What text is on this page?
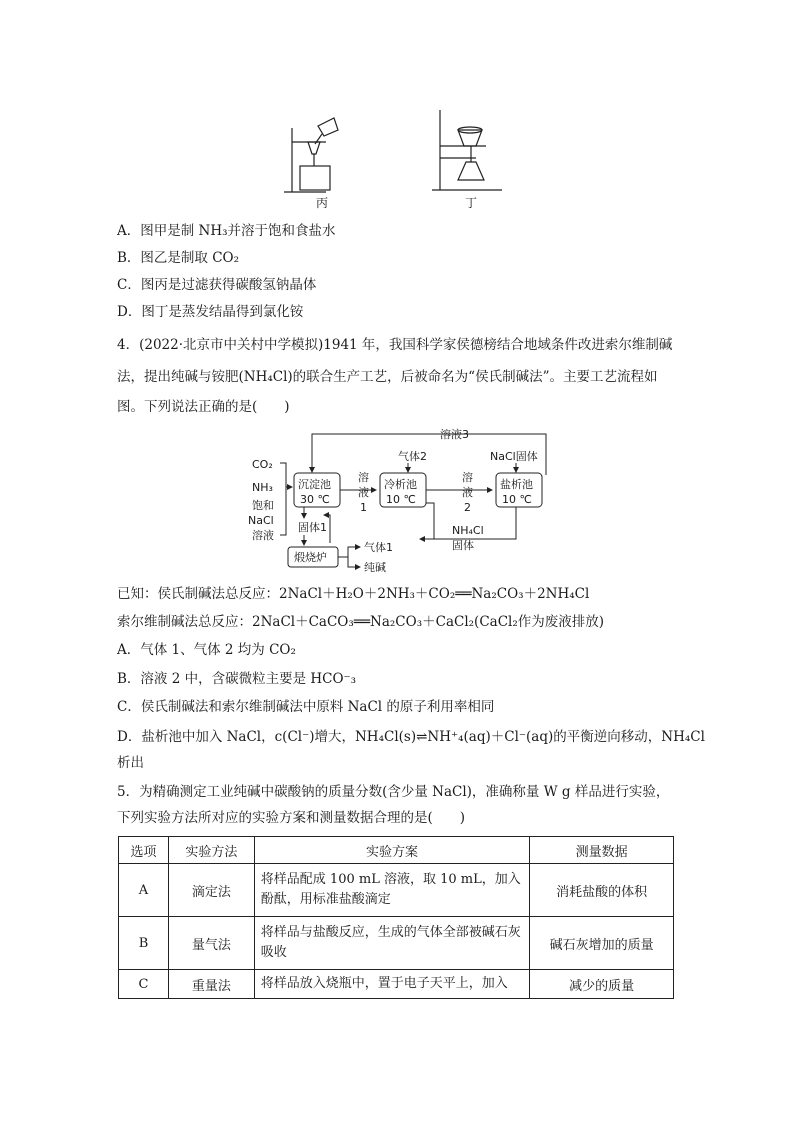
丙	丁
A．图甲是制 NH₃并溶于饱和食盐水
B．图乙是制取 CO₂
C．图丙是过滤获得碳酸氢钠晶体
D．图丁是蒸发结晶得到氯化铵
4．(2022·北京市中关村中学模拟)1941 年，我国科学家侯德榜结合地域条件改进索尔维制碱
法，提出纯碱与铵肥(NH₄Cl)的联合生产工艺，后被命名为“侯氏制碱法”。主要工艺流程如
图。下列说法正确的是(　　)
溶液3
CO₂
NH₃
饱和
NaCl
溶液
沉淀池
30 ℃
溶
液
1
气体2
冷析池
10 ℃
溶
液
2
NaCl固体
盐析池
10 ℃
NH₄Cl
固体
固体1
煅烧炉
气体1
纯碱
已知：侯氏制碱法总反应：2NaCl＋H₂O＋2NH₃＋CO₂══Na₂CO₃＋2NH₄Cl
索尔维制碱法总反应：2NaCl＋CaCO₃══Na₂CO₃＋CaCl₂(CaCl₂作为废液排放)
A．气体 1、气体 2 均为 CO₂
B．溶液 2 中，含碳微粒主要是 HCO⁻₃
C．侯氏制碱法和索尔维制碱法中原料 NaCl 的原子利用率相同
D．盐析池中加入 NaCl，c(Cl⁻)增大，NH₄Cl(s)⇌NH⁺₄(aq)＋Cl⁻(aq)的平衡逆向移动，NH₄Cl
析出
5．为精确测定工业纯碱中碳酸钠的质量分数(含少量 NaCl)，准确称量 W g 样品进行实验，
下列实验方法所对应的实验方案和测量数据合理的是(　　)
选项	实验方法	实验方案	测量数据
A	滴定法	将样品配成 100 mL 溶液，取 10 mL，加入酚酞，用标准盐酸滴定	消耗盐酸的体积
B	量气法	将样品与盐酸反应，生成的气体全部被碱石灰吸收	碱石灰增加的质量
C	重量法	将样品放入烧瓶中，置于电子天平上，加入	减少的质量
